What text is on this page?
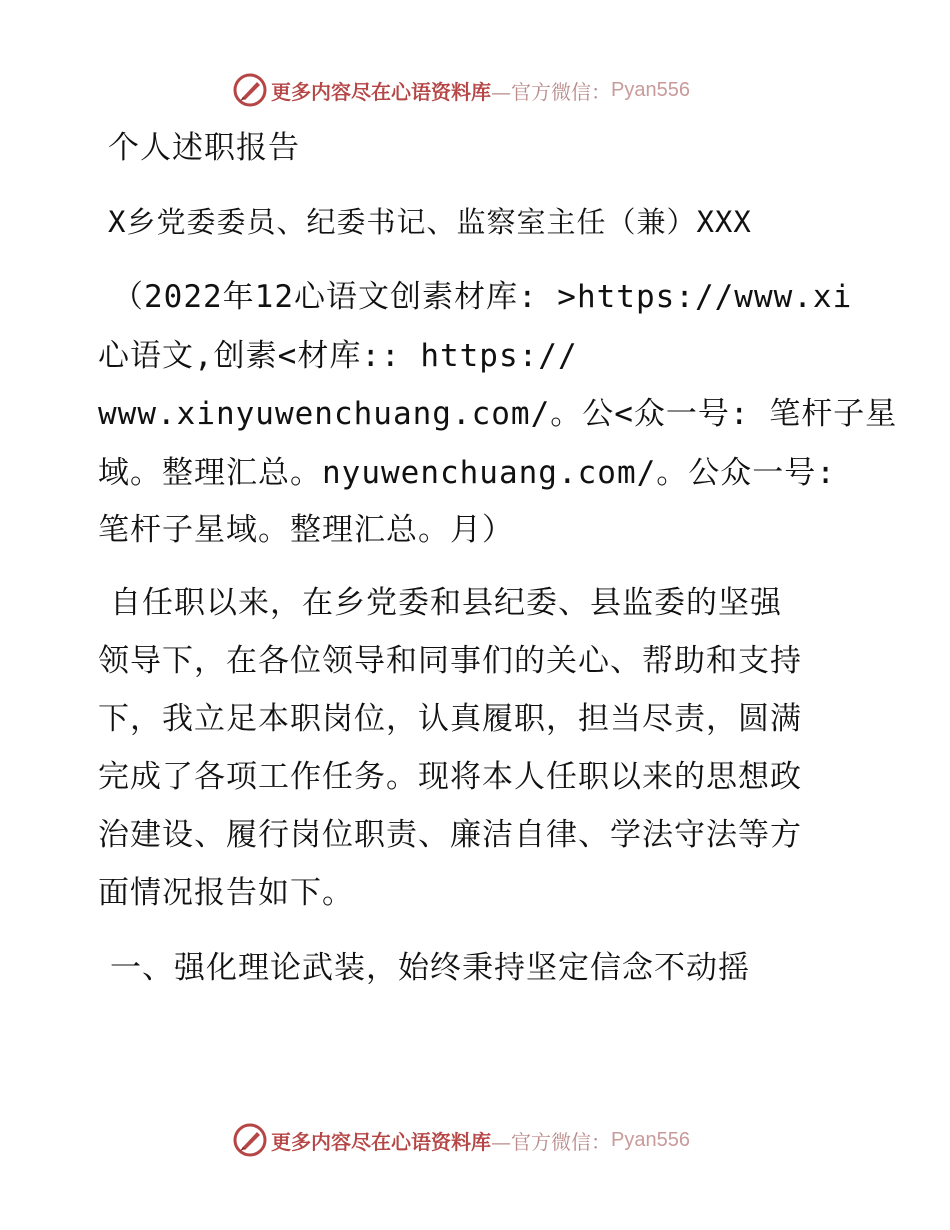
更多内容尽在心语资料库 —官方微信： Pyan556
个人述职报告
X乡党委委员、纪委书记、监察室主任（兼）XXX
（2022年12心语文创素材库: >https://www.xi
心语文,创素<材库:: https://
www.xinyuwenchuang.com/。公<众一号: 笔杆子星
域。整理汇总。nyuwenchuang.com/。公众一号:
笔杆子星域。整理汇总。月）
自任职以来，在乡党委和县纪委、县监委的坚强
领导下，在各位领导和同事们的关心、帮助和支持
下，我立足本职岗位，认真履职，担当尽责，圆满
完成了各项工作任务。现将本人任职以来的思想政
治建设、履行岗位职责、廉洁自律、学法守法等方
面情况报告如下。
一、强化理论武装，始终秉持坚定信念不动摇
更多内容尽在心语资料库 —官方微信： Pyan556
